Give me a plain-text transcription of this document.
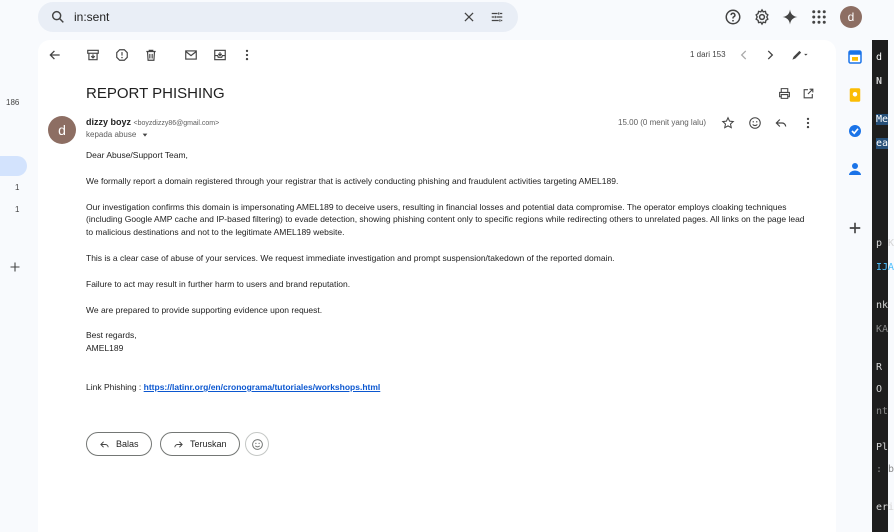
in:sent	d
186
1
1
1 dari 153
REPORT PHISHING
d	dizzy boyz <boyzdizzy86@gmail.com>
kepada abuse
15.00 (0 menit yang lalu)

Dear Abuse/Support Team,

We formally report a domain registered through your registrar that is actively conducting phishing and fraudulent activities targeting AMEL189.

Our investigation confirms this domain is impersonating AMEL189 to deceive users, resulting in financial losses and potential data compromise. The operator employs cloaking techniques (including Google AMP cache and IP-based filtering) to evade detection, showing phishing content only to specific regions while redirecting others to unrelated pages. All links on the page lead to malicious destinations and not to the legitimate AMEL189 website.

This is a clear case of abuse of your services. We request immediate investigation and prompt suspension/takedown of the reported domain.

Failure to act may result in further harm to users and brand reputation.

We are prepared to provide supporting evidence upon request.

Best regards,
AMEL189
Link Phishing : https://latinr.org/en/cronograma/tutoriales/workshops.html
Balas	Teruskan
d
N
Me
ea
p K
IJA
nk
KA
R
O
nt
Pl
: b
eri
